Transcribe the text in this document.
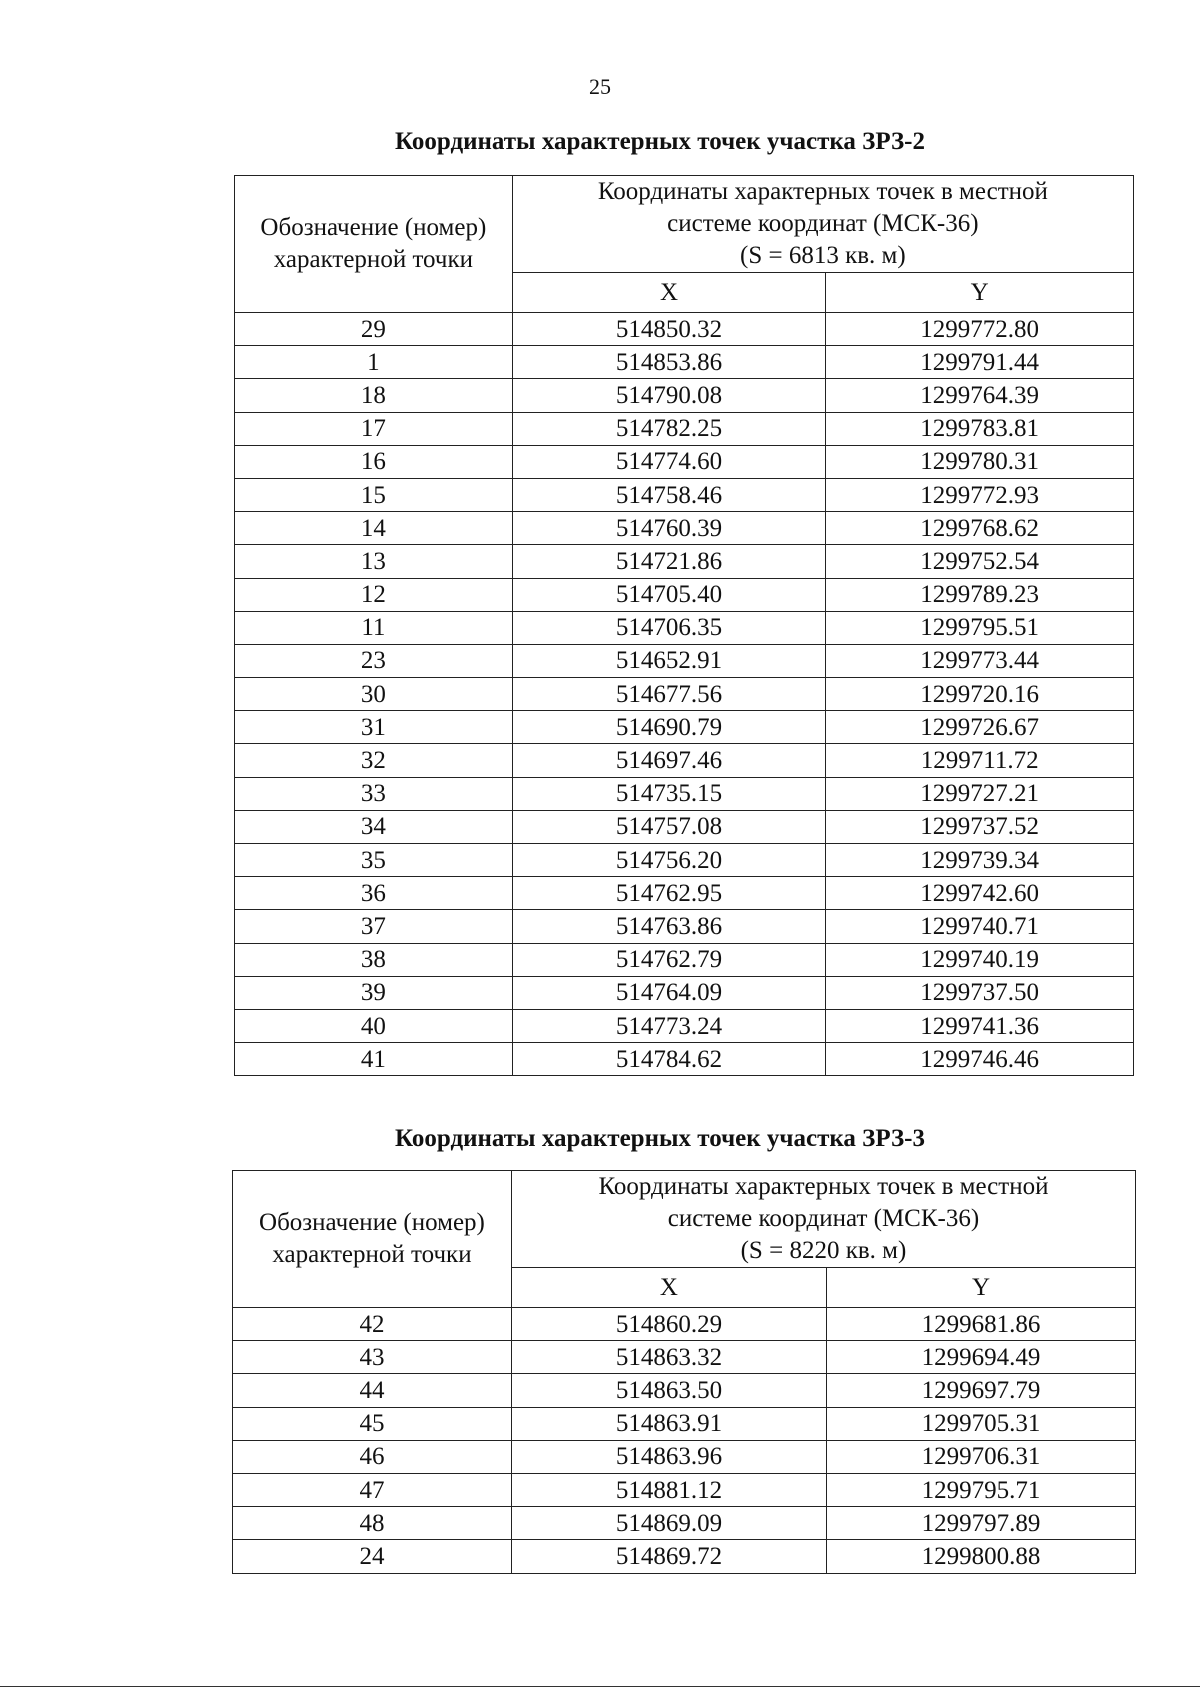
25
Координаты характерных точек участка ЗРЗ-2
Обозначение (номер) характерной точки	Координаты характерных точек в местной
системе координат (МСК-36)
(S = 6813 кв. м)	

	X	Y
29	514850.32	1299772.80
1	514853.86	1299791.44
18	514790.08	1299764.39
17	514782.25	1299783.81
16	514774.60	1299780.31
15	514758.46	1299772.93
14	514760.39	1299768.62
13	514721.86	1299752.54
12	514705.40	1299789.23
11	514706.35	1299795.51
23	514652.91	1299773.44
30	514677.56	1299720.16
31	514690.79	1299726.67
32	514697.46	1299711.72
33	514735.15	1299727.21
34	514757.08	1299737.52
35	514756.20	1299739.34
36	514762.95	1299742.60
37	514763.86	1299740.71
38	514762.79	1299740.19
39	514764.09	1299737.50
40	514773.24	1299741.36
41	514784.62	1299746.46
Координаты характерных точек участка ЗРЗ-3
Обозначение (номер) характерной точки	Координаты характерных точек в местной
системе координат (МСК-36)
(S = 8220 кв. м)	

	X	Y
42	514860.29	1299681.86
43	514863.32	1299694.49
44	514863.50	1299697.79
45	514863.91	1299705.31
46	514863.96	1299706.31
47	514881.12	1299795.71
48	514869.09	1299797.89
24	514869.72	1299800.88
